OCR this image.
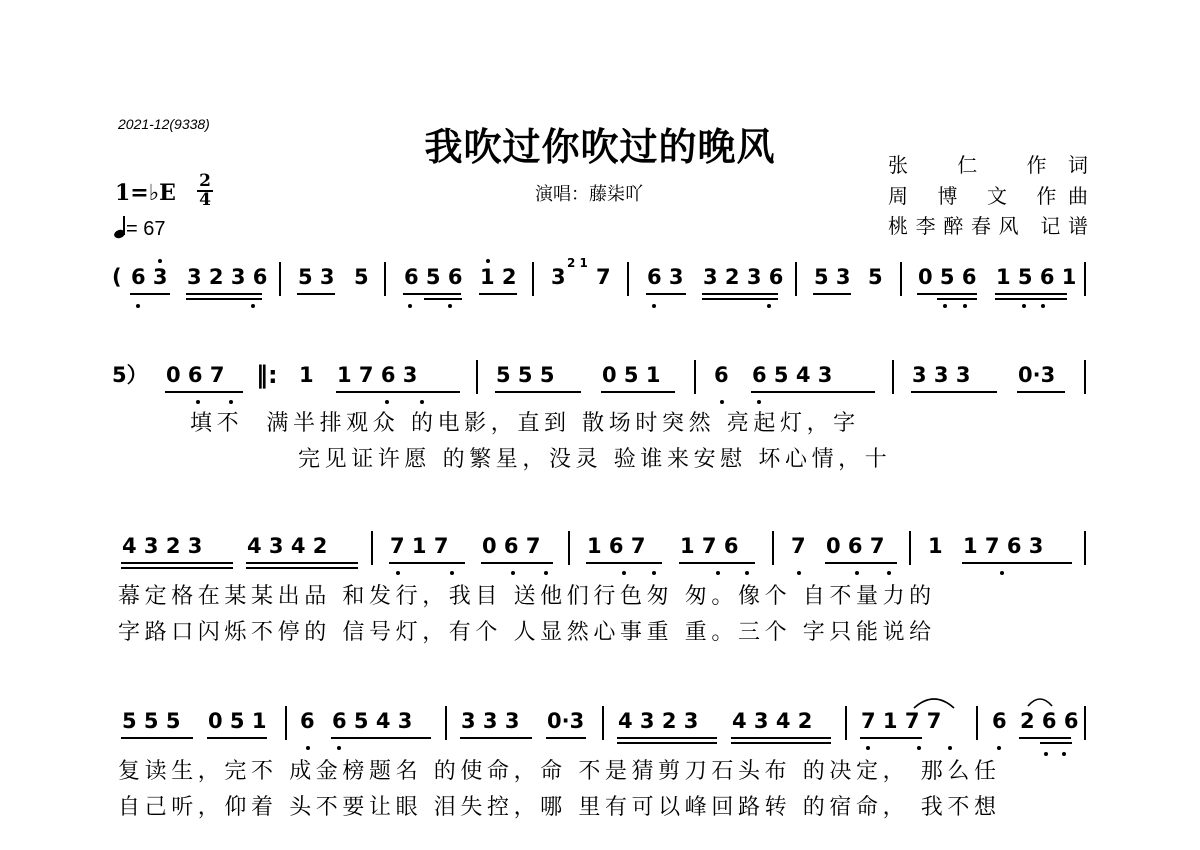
2021-12(9338)	我吹过你吹过的晚风
演唱：藤柒吖
张 仁 作词
周 博 文 作曲
桃李醉春风 记谱
1=♭E 2
4
= 67
( 6 3 3 2 3 6 5 3 5 6 5 6 1 2 3
2 1
7 6 3 3 2 3 6 5 3 5 0 5 6 1 5 6 1
5） 0 6 7 ‖: 1 1 7 6 3	5 5 5 0 5 1	6 6 5 4 3	3 3 3 0·3
填不  满半排观众 的电影，直到 散场时突然 亮起灯，字
完见证许愿 的繁星，没灵 验谁来安慰 坏心情，十
4 3 2 3 4 3 4 2	7 1 7 0 6 7 1 6 7 1 7 6	7 0 6 7 1 1 7 6 3
幕定格在某某出品 和发行，我目 送他们行色匆 匆。像个 自不量力的
字路口闪烁不停的 信号灯，有个 人显然心事重 重。三个 字只能说给
5 5 5 0 5 1 6 6 5 4 3 3 3 3 0·3 4 3 2 3 4 3 4 2 7 1 7 7 6 2 6 6
复读生，完不 成金榜题名 的使命，命 不是猜剪刀石头布 的决定， 那么任
自己听，仰着 头不要让眼 泪失控，哪 里有可以峰回路转 的宿命， 我不想
